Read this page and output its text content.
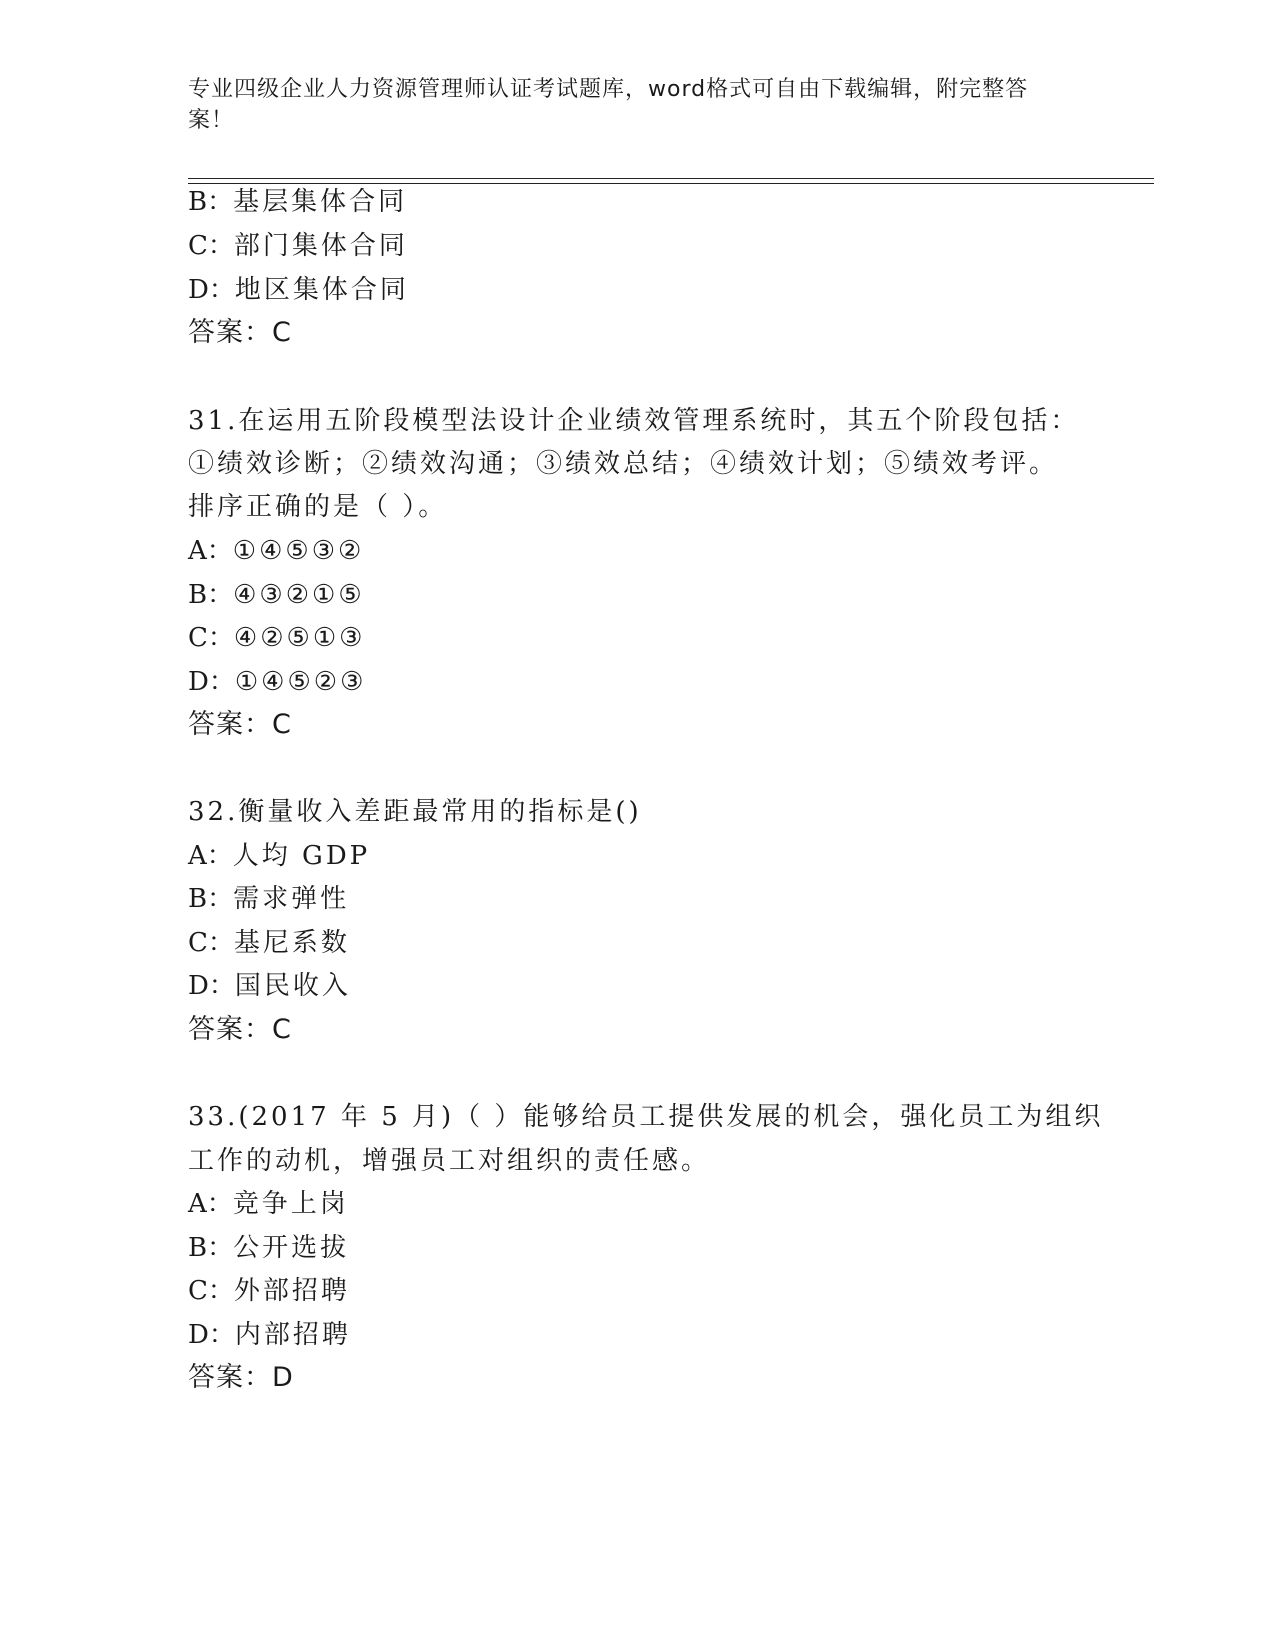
专业四级企业人力资源管理师认证考试题库，word格式可自由下载编辑，附完整答案！
B：基层集体合同
C：部门集体合同
D：地区集体合同
答案：C
31.在运用五阶段模型法设计企业绩效管理系统时，其五个阶段包括：
①绩效诊断；②绩效沟通；③绩效总结；④绩效计划；⑤绩效考评。
排序正确的是（ ）。
A：①④⑤③②
B：④③②①⑤
C：④②⑤①③
D：①④⑤②③
答案：C
32.衡量收入差距最常用的指标是()
A：人均 GDP
B：需求弹性
C：基尼系数
D：国民收入
答案：C
33.(2017 年 5 月)（ ）能够给员工提供发展的机会，强化员工为组织
工作的动机，增强员工对组织的责任感。
A：竞争上岗
B：公开选拔
C：外部招聘
D：内部招聘
答案：D
